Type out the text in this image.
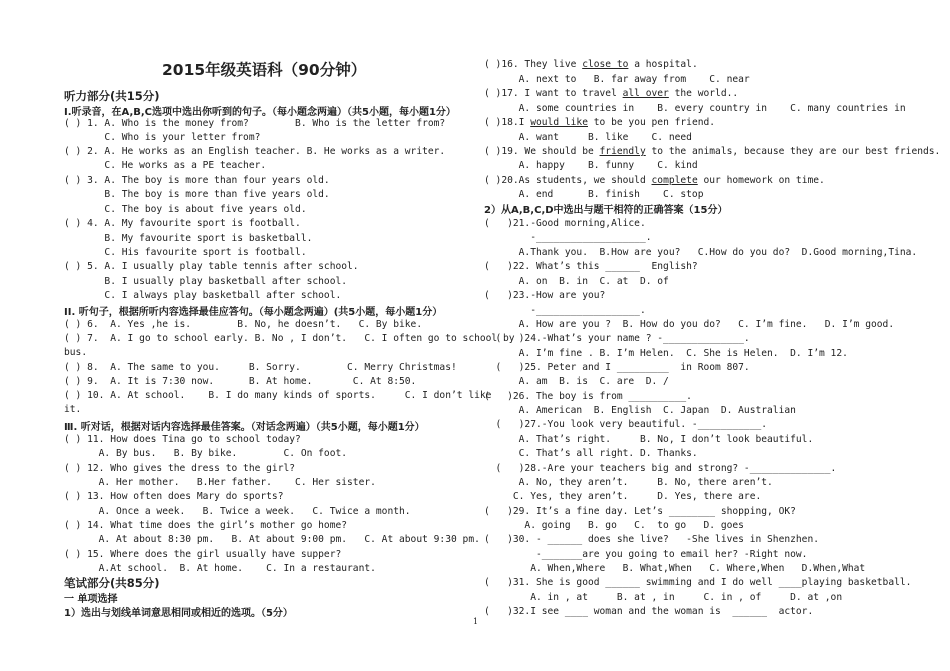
2015年级英语科（90分钟）
听力部分(共15分)
Ⅰ.听录音，在A,B,C选项中选出你听到的句子。（每小题念两遍）（共5小题，每小题1分）
( ) 1. A. Who is the money from?        B. Who is the letter from?
C. Who is your letter from?
( ) 2. A. He works as an English teacher. B. He works as a writer.
C. He works as a PE teacher.
( ) 3. A. The boy is more than four years old.
B. The boy is more than five years old.
C. The boy is about five years old.
( ) 4. A. My favourite sport is football.
B. My favourite sport is basketball.
C. His favourite sport is football.
( ) 5. A. I usually play table tennis after school.
B. I usually play basketball after school.
C. I always play basketball after school.
II. 听句子，根据所听内容选择最佳应答句。（每小题念两遍）(共5小题，每小题1分）
( ) 6.  A. Yes ,he is.        B. No, he doesn’t.   C. By bike.
( ) 7.  A. I go to school early. B. No , I don’t.   C. I often go to school by
bus.
( ) 8.  A. The same to you.     B. Sorry.        C. Merry Christmas!
( ) 9.  A. It is 7:30 now.      B. At home.       C. At 8:50.
( ) 10. A. At school.    B. I do many kinds of sports.     C. I don’t like
it.
Ⅲ. 听对话，根据对话内容选择最佳答案。（对话念两遍）（共5小题，每小题1分）
( ) 11. How does Tina go to school today?
A. By bus.   B. By bike.        C. On foot.
( ) 12. Who gives the dress to the girl?
A. Her mother.   B.Her father.    C. Her sister.
( ) 13. How often does Mary do sports?
A. Once a week.   B. Twice a week.   C. Twice a month.
( ) 14. What time does the girl’s mother go home?
A. At about 8:30 pm.   B. At about 9:00 pm.   C. At about 9:30 pm.
( ) 15. Where does the girl usually have supper?
A.At school.  B. At home.    C. In a restaurant.
笔试部分(共85分)
一 单项选择
1）选出与划线单词意思相同或相近的选项。（5分）
( )16. They live close to a hospital.
A. next to   B. far away from    C. near
( )17. I want to travel all over the world..
A. some countries in    B. every country in    C. many countries in
( )18.I would like to be you pen friend.
A. want     B. like    C. need
( )19. We should be friendly to the animals, because they are our best friends.
A. happy    B. funny    C. kind
( )20.As students, we should complete our homework on time.
A. end      B. finish    C. stop
2）从A,B,C,D中选出与题干相符的正确答案（15分）
(   )21.-Good morning,Alice.
-___________________.
A.Thank you.  B.How are you?   C.How do you do?  D.Good morning,Tina.
(   )22. What’s this ______  English?
A. on  B. in  C. at  D. of
(   )23.-How are you?
-__________________.
A. How are you ?  B. How do you do?   C. I’m fine.   D. I’m good.
(   )24.-What’s your name ? -______________.
A. I’m fine . B. I’m Helen.  C. She is Helen.  D. I’m 12.
(   )25. Peter and I _________  in Room 807.
A. am  B. is  C. are  D. /
(   )26. The boy is from __________.
A. American  B. English  C. Japan  D. Australian
(   )27.-You look very beautiful. -___________.
A. That’s right.     B. No, I don’t look beautiful.
C. That’s all right. D. Thanks.
(   )28.-Are your teachers big and strong? -______________.
A. No, they aren’t.     B. No, there aren’t.
C. Yes, they aren’t.     D. Yes, there are.
(   )29. It’s a fine day. Let’s ________ shopping, OK?
A. going   B. go   C.  to go   D. goes
(   )30. - ______ does she live?   -She lives in Shenzhen.
-_______are you going to email her? -Right now.
A. When,Where   B. What,When   C. Where,When   D.When,What
(   )31. She is good ______ swimming and I do well ____playing basketball.
A. in , at     B. at , in     C. in , of     D. at ,on
(   )32.I see ____ woman and the woman is  ______  actor.
1
